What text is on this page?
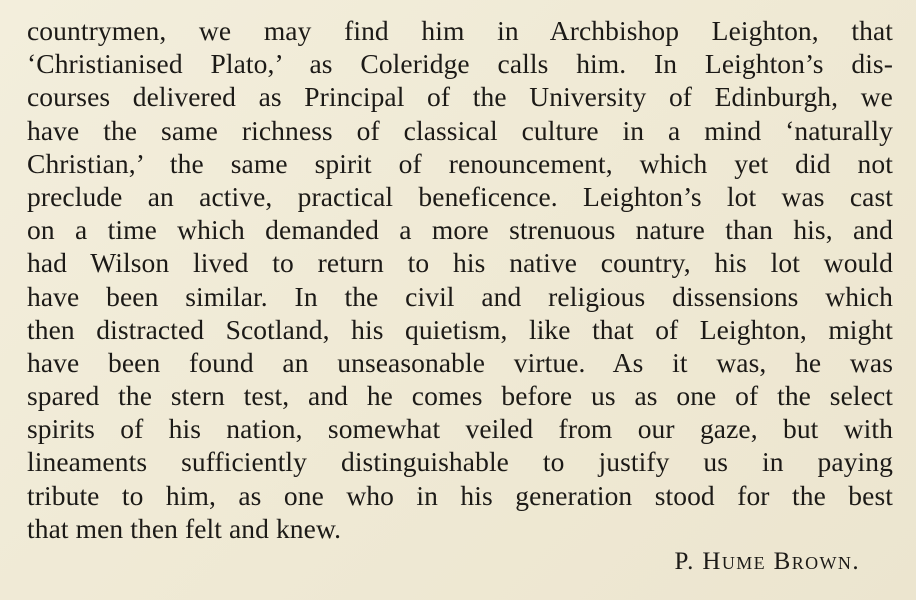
countrymen, we may find him in Archbishop Leighton, that
‘Christianised Plato,’ as Coleridge calls him. In Leighton’s dis-
courses delivered as Principal of the University of Edinburgh, we
have the same richness of classical culture in a mind ‘naturally
Christian,’ the same spirit of renouncement, which yet did not
preclude an active, practical beneficence. Leighton’s lot was cast
on a time which demanded a more strenuous nature than his, and
had Wilson lived to return to his native country, his lot would
have been similar. In the civil and religious dissensions which
then distracted Scotland, his quietism, like that of Leighton, might
have been found an unseasonable virtue. As it was, he was
spared the stern test, and he comes before us as one of the select
spirits of his nation, somewhat veiled from our gaze, but with
lineaments sufficiently distinguishable to justify us in paying
tribute to him, as one who in his generation stood for the best
that men then felt and knew.
P. Hume Brown.
